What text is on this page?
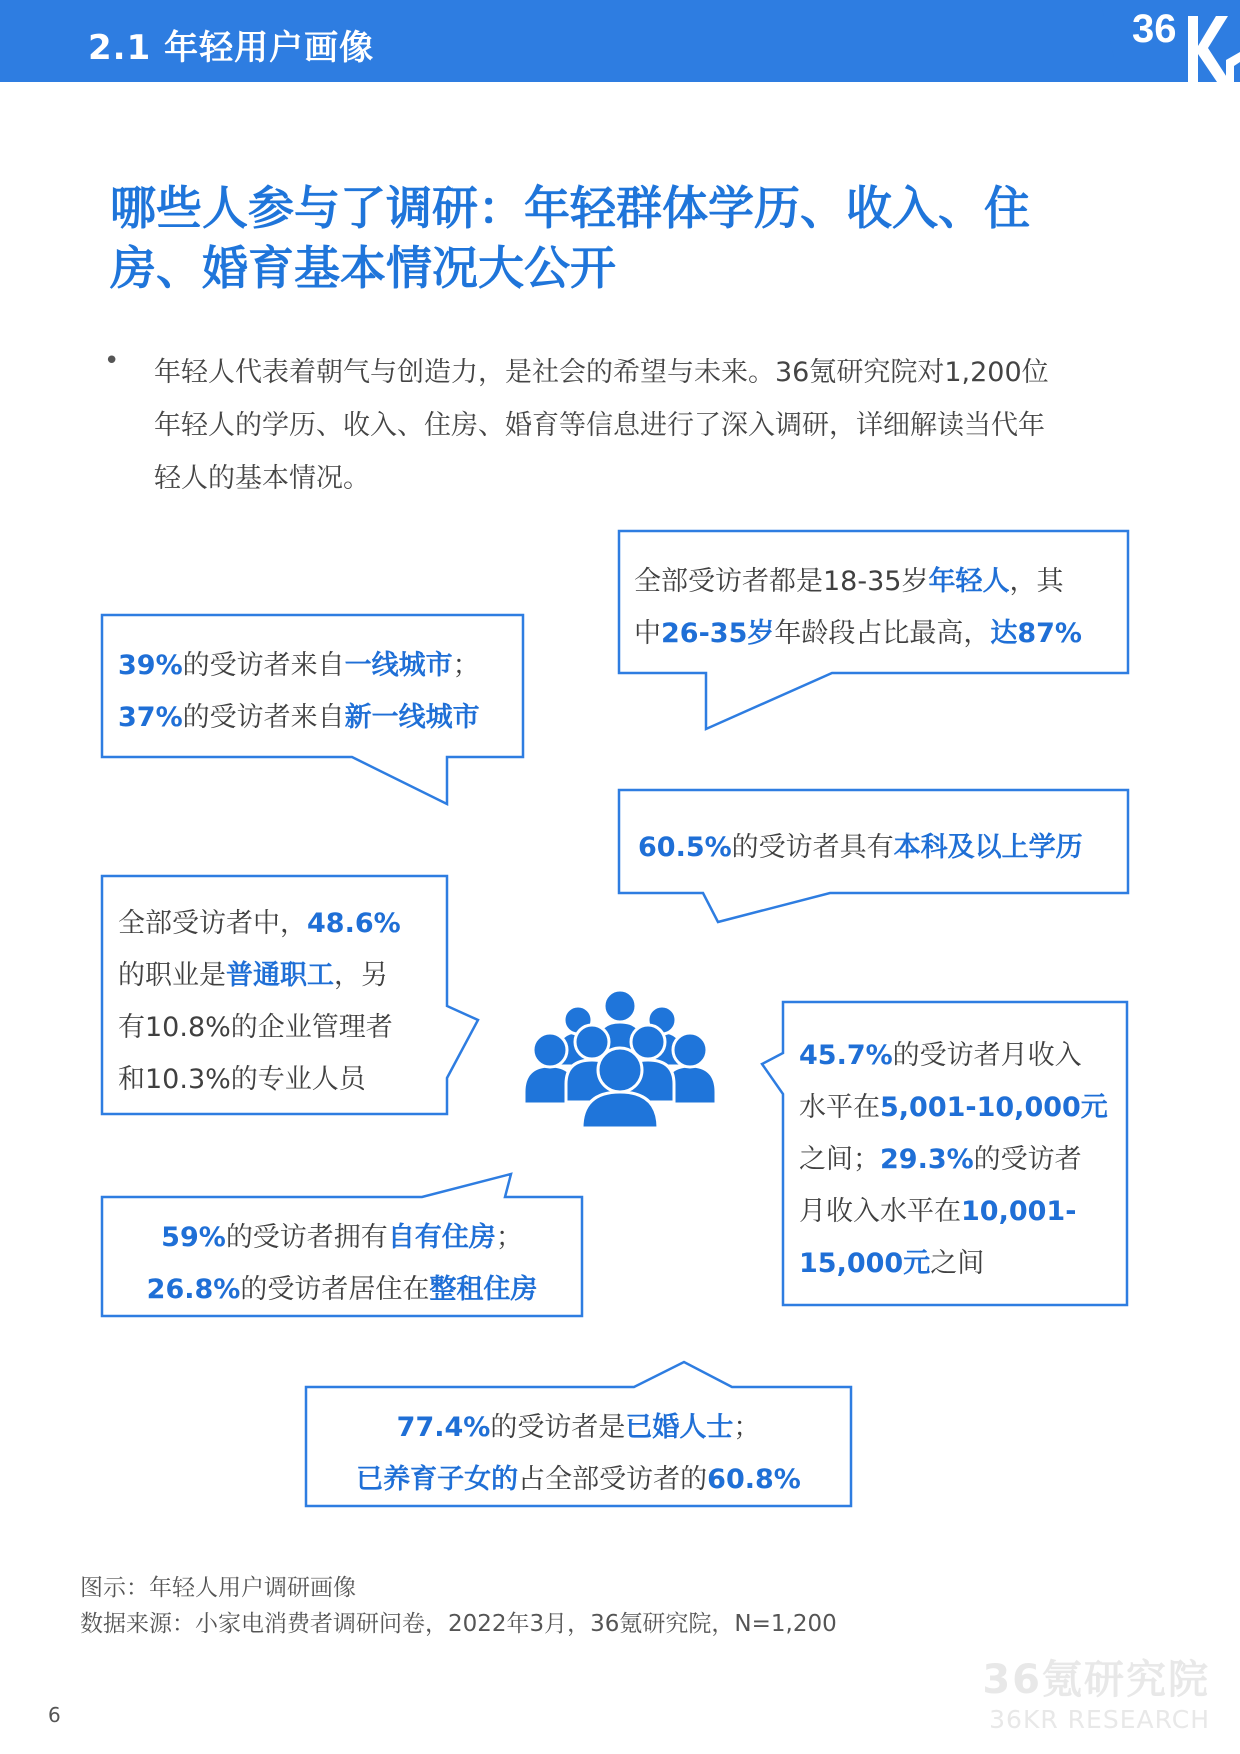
2.1 年轻用户画像	36
哪些人参与了调研：年轻群体学历、收入、住
房、婚育基本情况大公开
• 年轻人代表着朝气与创造力，是社会的希望与未来。36氪研究院对1,200位
年轻人的学历、收入、住房、婚育等信息进行了深入调研，详细解读当代年
轻人的基本情况。
39%的受访者来自一线城市；
37%的受访者来自新一线城市
全部受访者都是18-35岁年轻人，其
中26-35岁年龄段占比最高，达87%
60.5%的受访者具有本科及以上学历
全部受访者中，48.6%
的职业是普通职工，另
有10.8%的企业管理者
和10.3%的专业人员
45.7%的受访者月收入
水平在5,001-10,000元
之间；29.3%的受访者
月收入水平在10,001-
15,000元之间
59%的受访者拥有自有住房；
26.8%的受访者居住在整租住房
77.4%的受访者是已婚人士；
已养育子女的占全部受访者的60.8%
图示：年轻人用户调研画像
数据来源：小家电消费者调研问卷，2022年3月，36氪研究院，N=1,200
6
36氪研究院
36KR RESEARCH
